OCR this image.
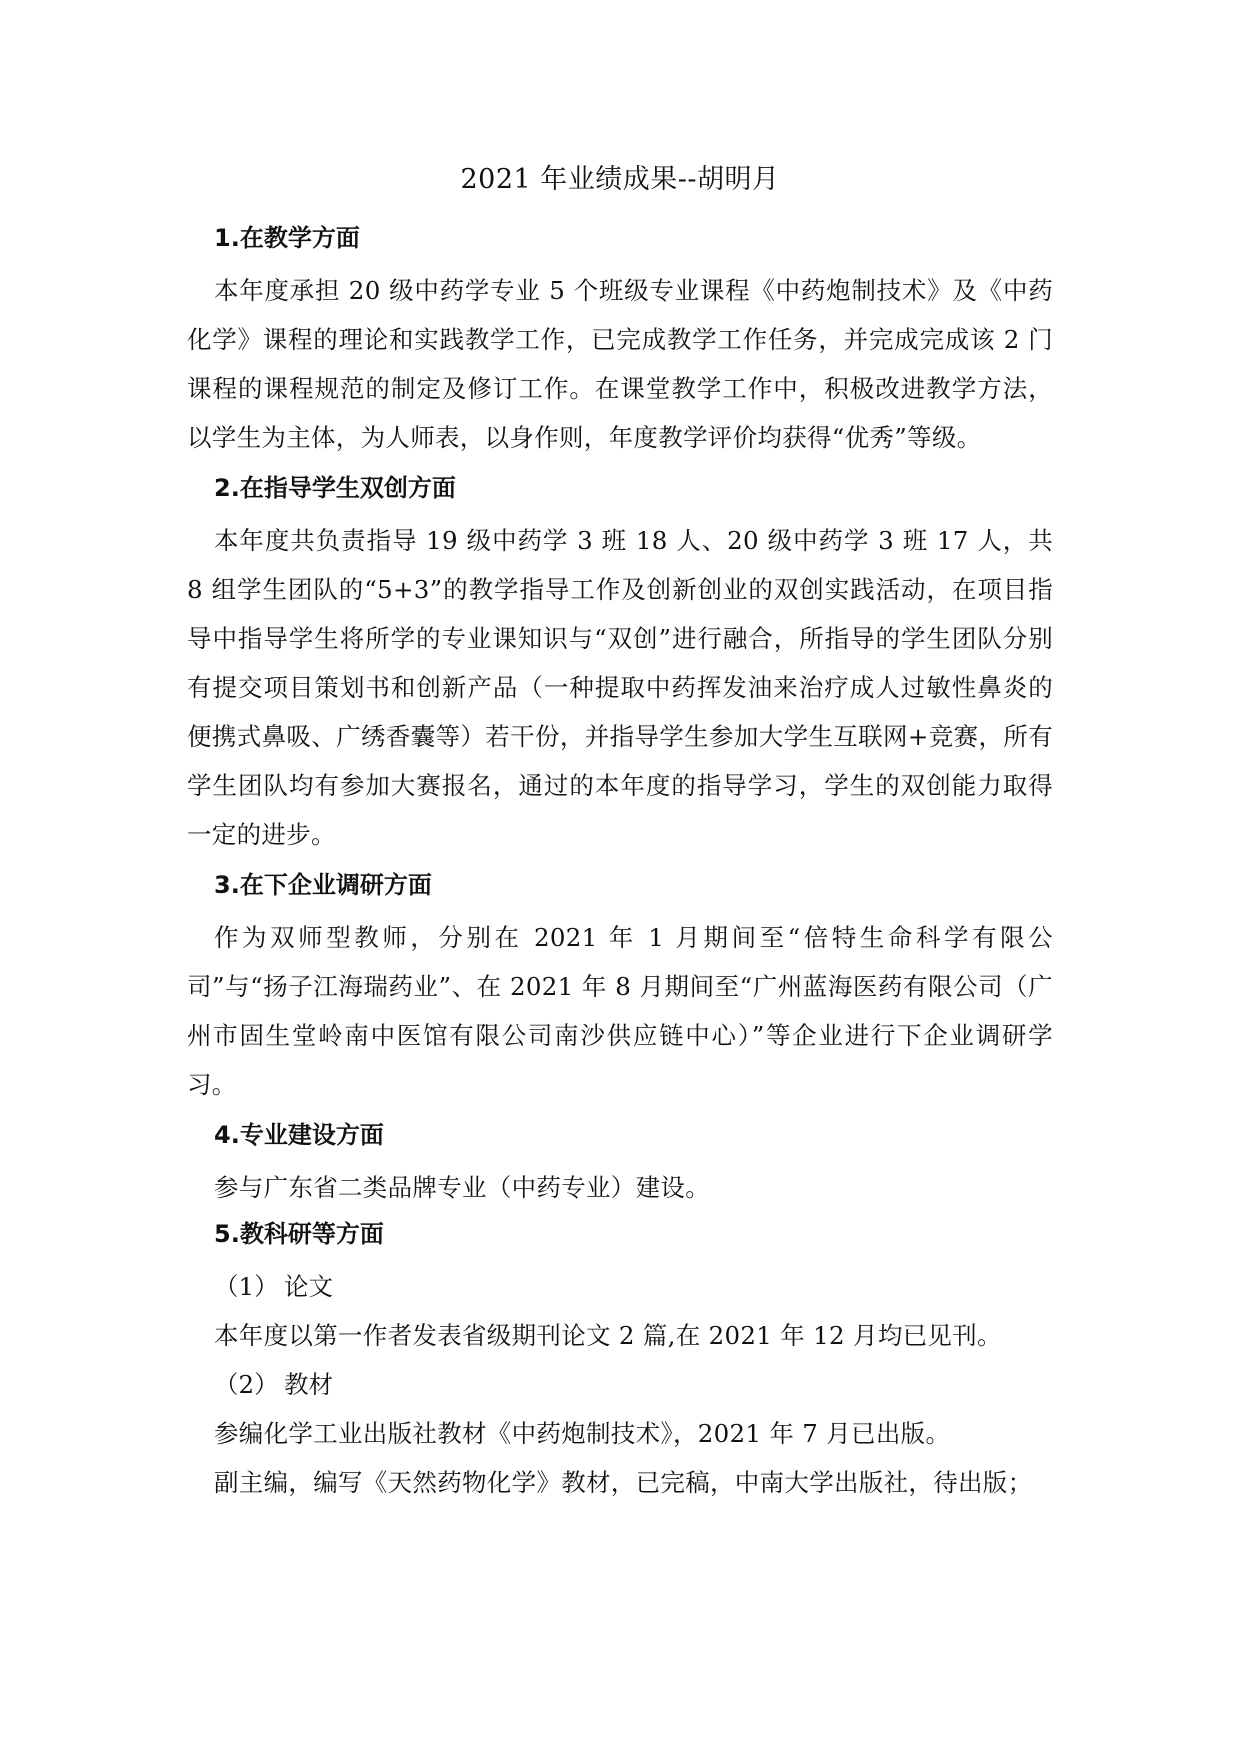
2021 年业绩成果--胡明月
1.在教学方面

本年度承担 20 级中药学专业 5 个班级专业课程《中药炮制技术》及《中药化学》课程的理论和实践教学工作，已完成教学工作任务，并完成完成该 2 门课程的课程规范的制定及修订工作。在课堂教学工作中，积极改进教学方法，以学生为主体，为人师表，以身作则，年度教学评价均获得“优秀”等级。

2.在指导学生双创方面

本年度共负责指导 19 级中药学 3 班 18 人、20 级中药学 3 班 17 人，共 8 组学生团队的“5+3”的教学指导工作及创新创业的双创实践活动，在项目指导中指导学生将所学的专业课知识与“双创”进行融合，所指导的学生团队分别有提交项目策划书和创新产品（一种提取中药挥发油来治疗成人过敏性鼻炎的便携式鼻吸、广绣香囊等）若干份，并指导学生参加大学生互联网+竞赛，所有学生团队均有参加大赛报名，通过的本年度的指导学习，学生的双创能力取得一定的进步。

3.在下企业调研方面

作为双师型教师，分别在 2021 年 1 月期间至“倍特生命科学有限公司”与“扬子江海瑞药业”、在 2021 年 8 月期间至“广州蓝海医药有限公司（广州市固生堂岭南中医馆有限公司南沙供应链中心）”等企业进行下企业调研学习。

4.专业建设方面

参与广东省二类品牌专业（中药专业）建设。

5.教科研等方面
（1） 论文

本年度以第一作者发表省级期刊论文 2 篇,在 2021 年 12 月均已见刊。

（2） 教材

参编化学工业出版社教材《中药炮制技术》，2021 年 7 月已出版。

副主编，编写《天然药物化学》教材，已完稿，中南大学出版社，待出版；
